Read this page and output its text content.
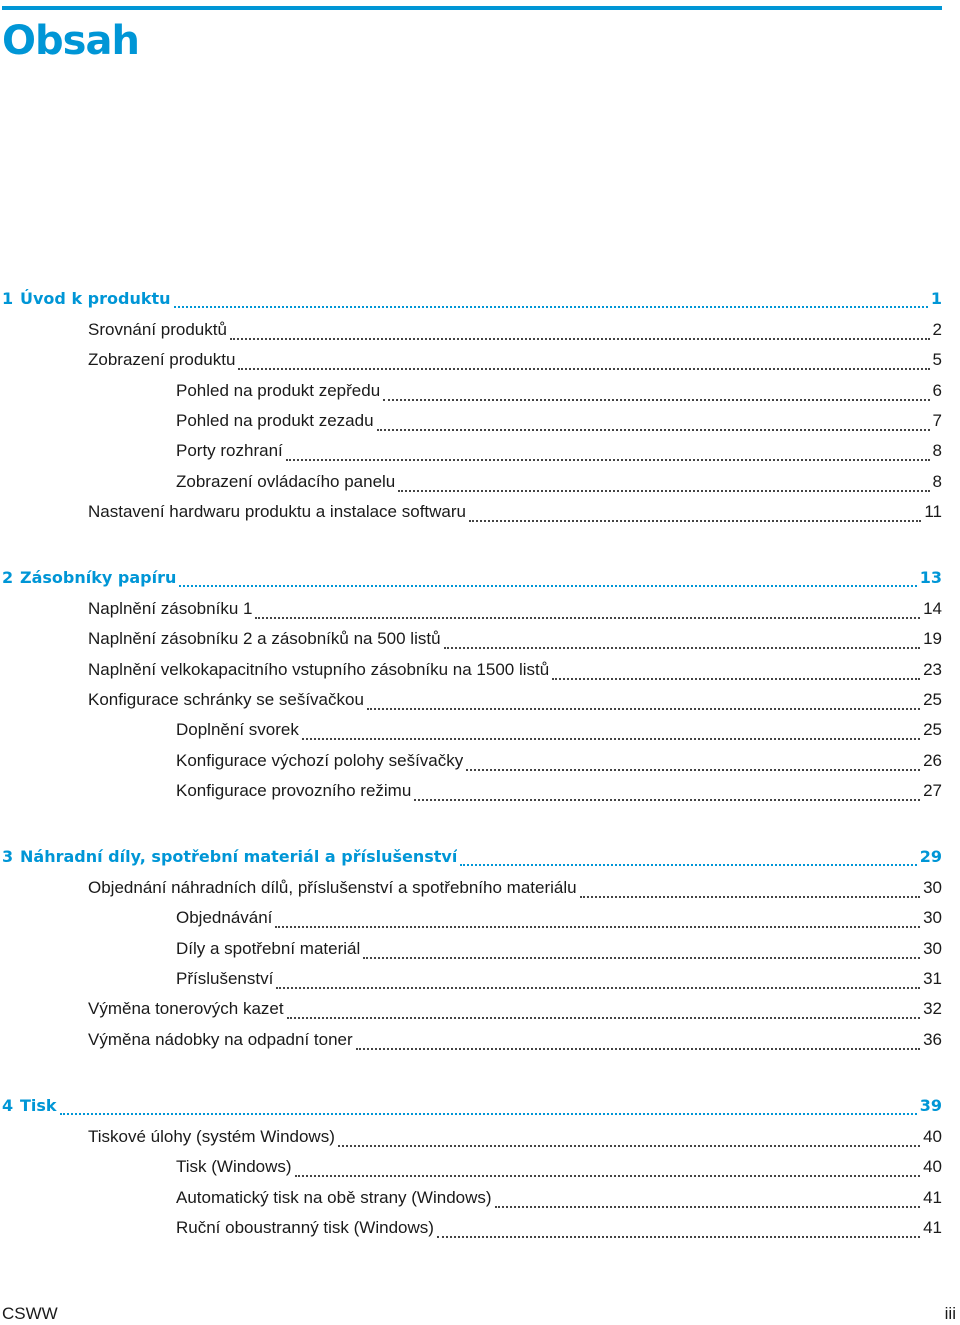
Obsah
1 Úvod k produktu	1
Srovnání produktů	2
Zobrazení produktu	5
Pohled na produkt zepředu	6
Pohled na produkt zezadu	7
Porty rozhraní	8
Zobrazení ovládacího panelu	8
Nastavení hardwaru produktu a instalace softwaru	11
2 Zásobníky papíru	13
Naplnění zásobníku 1	14
Naplnění zásobníku 2 a zásobníků na 500 listů	19
Naplnění velkokapacitního vstupního zásobníku na 1500 listů	23
Konfigurace schránky se sešívačkou	25
Doplnění svorek	25
Konfigurace výchozí polohy sešívačky	26
Konfigurace provozního režimu	27
3 Náhradní díly, spotřební materiál a příslušenství	29
Objednání náhradních dílů, příslušenství a spotřebního materiálu	30
Objednávání	30
Díly a spotřební materiál	30
Příslušenství	31
Výměna tonerových kazet	32
Výměna nádobky na odpadní toner	36
4 Tisk	39
Tiskové úlohy (systém Windows)	40
Tisk (Windows)	40
Automatický tisk na obě strany (Windows)	41
Ruční oboustranný tisk (Windows)	41
CSWW	iii
